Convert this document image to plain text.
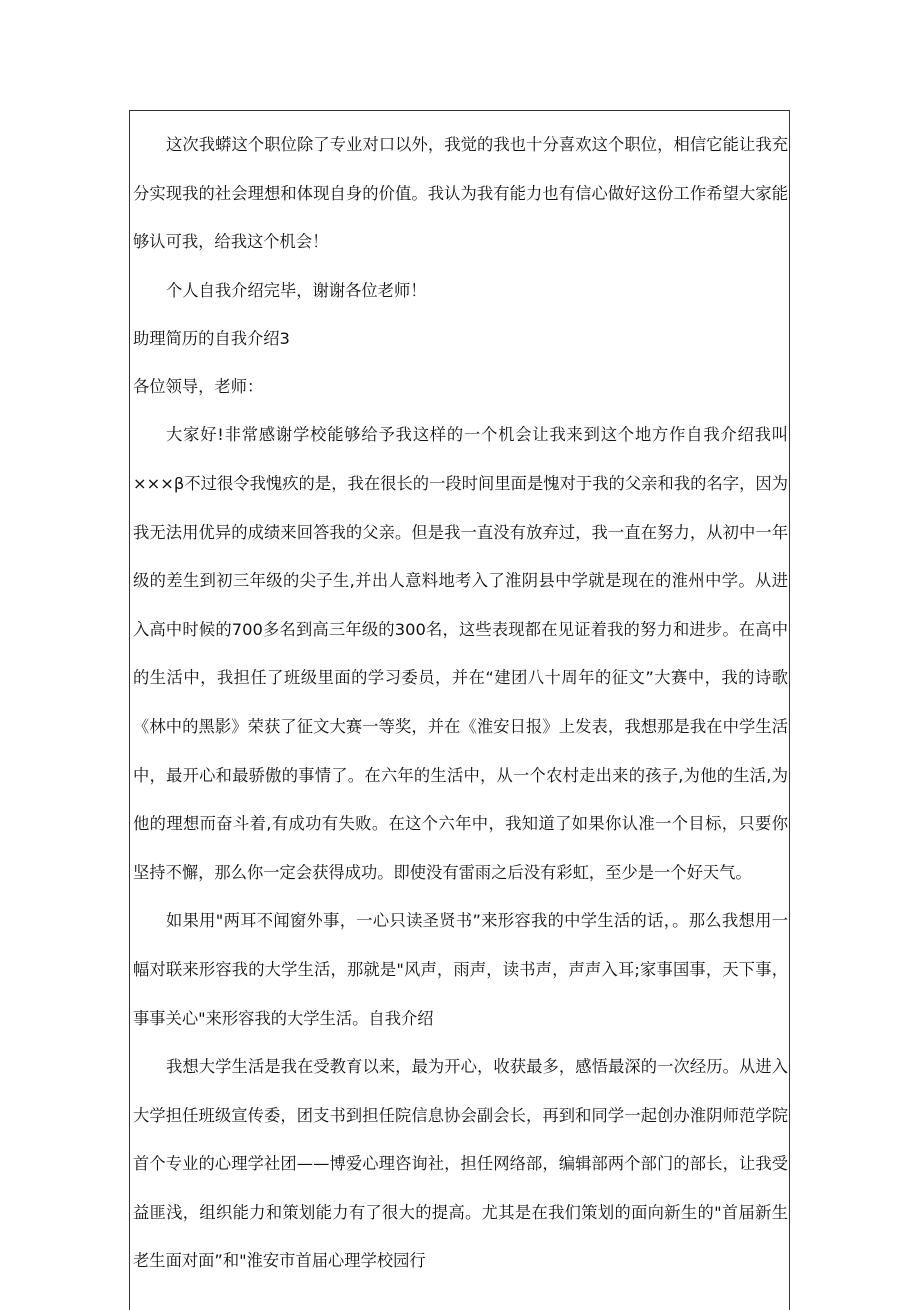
这次我蟒这个职位除了专业对口以外，我觉的我也十分喜欢这个职位，相信它能让我充分实现我的社会理想和体现自身的价值。我认为我有能力也有信心做好这份工作希望大家能够认可我，给我这个机会！

个人自我介绍完毕，谢谢各位老师！

助理简历的自我介绍3

各位领导，老师：

大家好!非常感谢学校能够给予我这样的一个机会让我来到这个地方作自我介绍我叫×××β不过很令我愧疚的是，我在很长的一段时间里面是愧对于我的父亲和我的名字，因为我无法用优异的成绩来回答我的父亲。但是我一直没有放弃过，我一直在努力，从初中一年级的差生到初三年级的尖子生,并出人意料地考入了淮阴县中学就是现在的淮州中学。从进入高中时候的700多名到高三年级的300名，这些表现都在见证着我的努力和进步。在高中的生活中，我担任了班级里面的学习委员，并在“建团八十周年的征文”大赛中，我的诗歌《林中的黑影》荣获了征文大赛一等奖，并在《淮安日报》上发表，我想那是我在中学生活中，最开心和最骄傲的事情了。在六年的生活中，从一个农村走出来的孩子,为他的生活,为他的理想而奋斗着,有成功有失败。在这个六年中，我知道了如果你认准一个目标，只要你坚持不懈，那么你一定会获得成功。即使没有雷雨之后没有彩虹，至少是一个好天气。

如果用"两耳不闻窗外事，一心只读圣贤书”来形容我的中学生活的话，。那么我想用一幅对联来形容我的大学生活，那就是"风声，雨声，读书声，声声入耳;家事国事，天下事，事事关心"来形容我的大学生活。自我介绍

我想大学生活是我在受教育以来，最为开心，收获最多，感悟最深的一次经历。从进入大学担任班级宣传委，团支书到担任院信息协会副会长，再到和同学一起创办淮阴师范学院首个专业的心理学社团——博爱心理咨询社，担任网络部，编辑部两个部门的部长，让我受益匪浅，组织能力和策划能力有了很大的提高。尤其是在我们策划的面向新生的"首届新生老生面对面”和"淮安市首届心理学校园行
